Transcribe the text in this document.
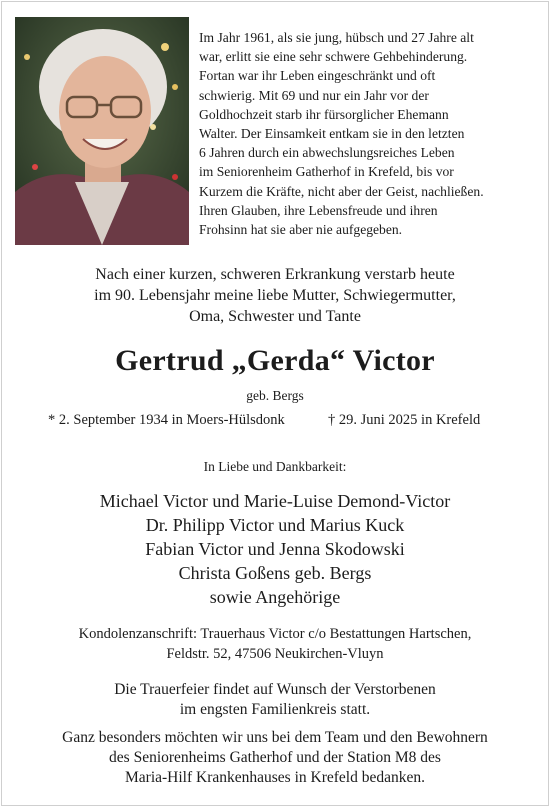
Im Jahr 1961, als sie jung, hübsch und 27 Jahre alt

war, erlitt sie eine sehr schwere Gehbehinderung.

Fortan war ihr Leben eingeschränkt und oft

schwierig. Mit 69 und nur ein Jahr vor der

Goldhochzeit starb ihr fürsorglicher Ehemann

Walter. Der Einsamkeit entkam sie in den letzten

6 Jahren durch ein abwechslungsreiches Leben

im Seniorenheim Gatherhof in Krefeld, bis vor

Kurzem die Kräfte, nicht aber der Geist, nachließen.

Ihren Glauben, ihre Lebensfreude und ihren

Frohsinn hat sie aber nie aufgegeben.

Nach einer kurzen, schweren Erkrankung verstarb heute

im 90. Lebensjahr meine liebe Mutter, Schwiegermutter,

Oma, Schwester und Tante

Gertrud „Gerda“ Victor
geb. Bergs
* 2. September 1934 in Moers-Hülsdonk	† 29. Juni 2025 in Krefeld
In Liebe und Dankbarkeit:

Michael Victor und Marie-Luise Demond-Victor

Dr. Philipp Victor und Marius Kuck

Fabian Victor und Jenna Skodowski

Christa Goßens geb. Bergs

sowie Angehörige

Kondolenzanschrift: Trauerhaus Victor c/o Bestattungen Hartschen,

Feldstr. 52, 47506 Neukirchen-Vluyn

Die Trauerfeier findet auf Wunsch der Verstorbenen

im engsten Familienkreis statt.

Ganz besonders möchten wir uns bei dem Team und den Bewohnern

des Seniorenheims Gatherhof und der Station M8 des

Maria-Hilf Krankenhauses in Krefeld bedanken.
